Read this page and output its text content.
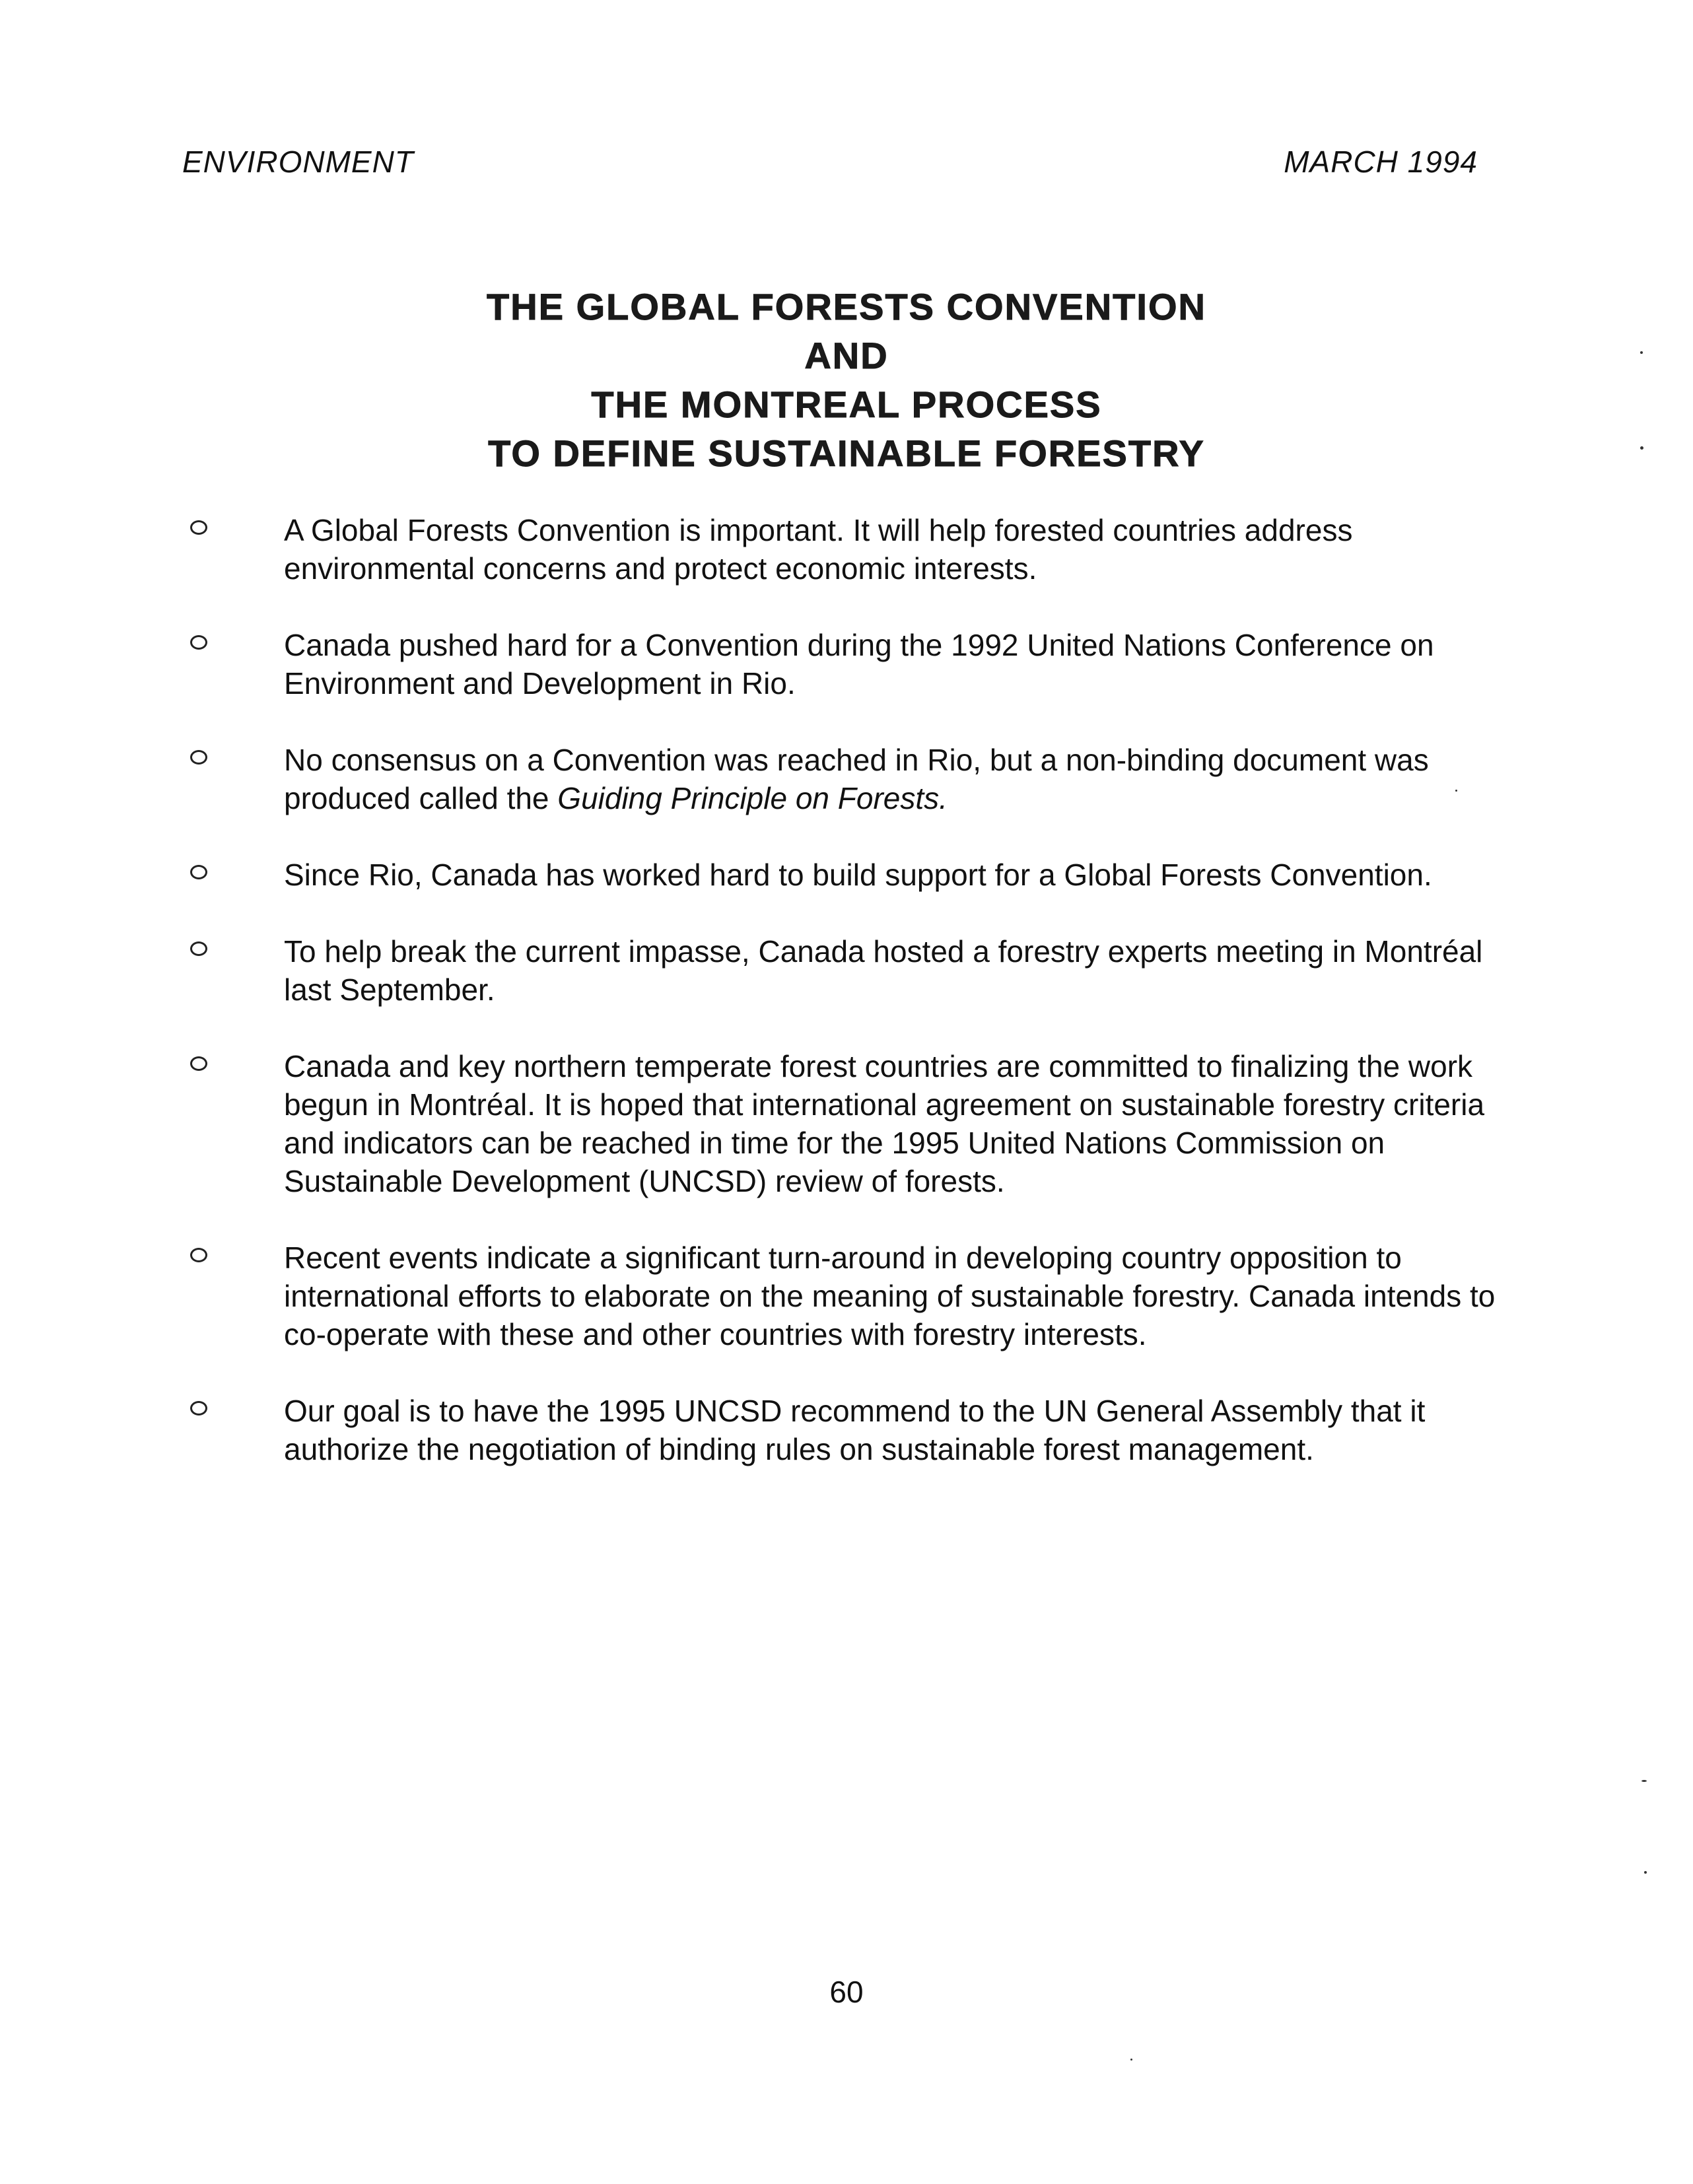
ENVIRONMENT	MARCH 1994
THE GLOBAL FORESTS CONVENTION
AND
THE MONTREAL PROCESS
TO DEFINE SUSTAINABLE FORESTRY
A Global Forests Convention is important. It will help forested countries address environmental concerns and protect economic interests.
Canada pushed hard for a Convention during the 1992 United Nations Conference on Environment and Development in Rio.
No consensus on a Convention was reached in Rio, but a non-binding document was produced called the Guiding Principle on Forests.
Since Rio, Canada has worked hard to build support for a Global Forests Convention.
To help break the current impasse, Canada hosted a forestry experts meeting in Montréal last September.
Canada and key northern temperate forest countries are committed to finalizing the work begun in Montréal. It is hoped that international agreement on sustainable forestry criteria and indicators can be reached in time for the 1995 United Nations Commission on Sustainable Development (UNCSD) review of forests.
Recent events indicate a significant turn-around in developing country opposition to international efforts to elaborate on the meaning of sustainable forestry. Canada intends to co-operate with these and other countries with forestry interests.
Our goal is to have the 1995 UNCSD recommend to the UN General Assembly that it authorize the negotiation of binding rules on sustainable forest management.
60
